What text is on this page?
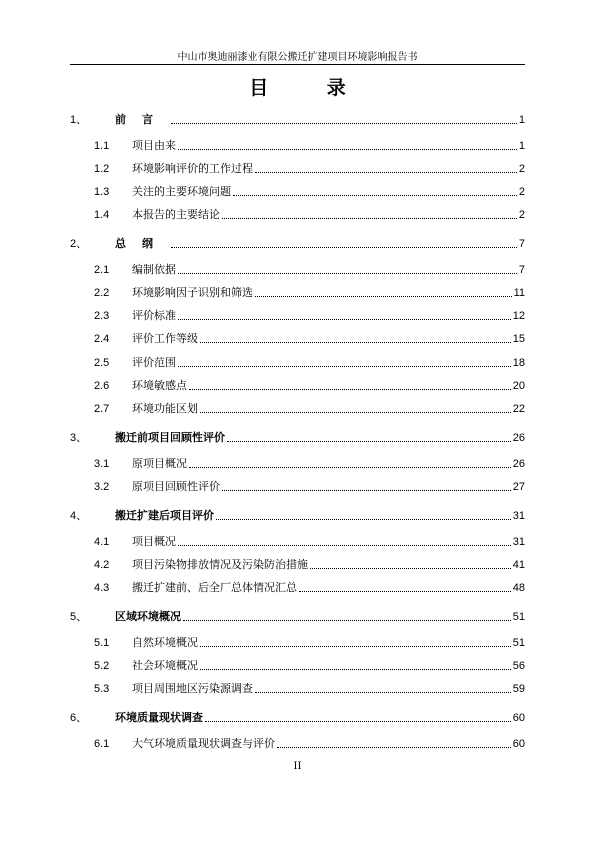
中山市奥迪丽漆业有限公搬迁扩建项目环境影响报告书
目 录
1、	前言	1
1.1	项目由来	1
1.2	环境影响评价的工作过程	2
1.3	关注的主要环境问题	2
1.4	本报告的主要结论	2
2、	总纲	7
2.1	编制依据	7
2.2	环境影响因子识别和筛选	11
2.3	评价标准	12
2.4	评价工作等级	15
2.5	评价范围	18
2.6	环境敏感点	20
2.7	环境功能区划	22
3、	搬迁前项目回顾性评价	26
3.1	原项目概况	26
3.2	原项目回顾性评价	27
4、	搬迁扩建后项目评价	31
4.1	项目概况	31
4.2	项目污染物排放情况及污染防治措施	41
4.3	搬迁扩建前、后全厂总体情况汇总	48
5、	区域环境概况	51
5.1	自然环境概况	51
5.2	社会环境概况	56
5.3	项目周围地区污染源调查	59
6、	环境质量现状调查	60
6.1	大气环境质量现状调查与评价	60
II
